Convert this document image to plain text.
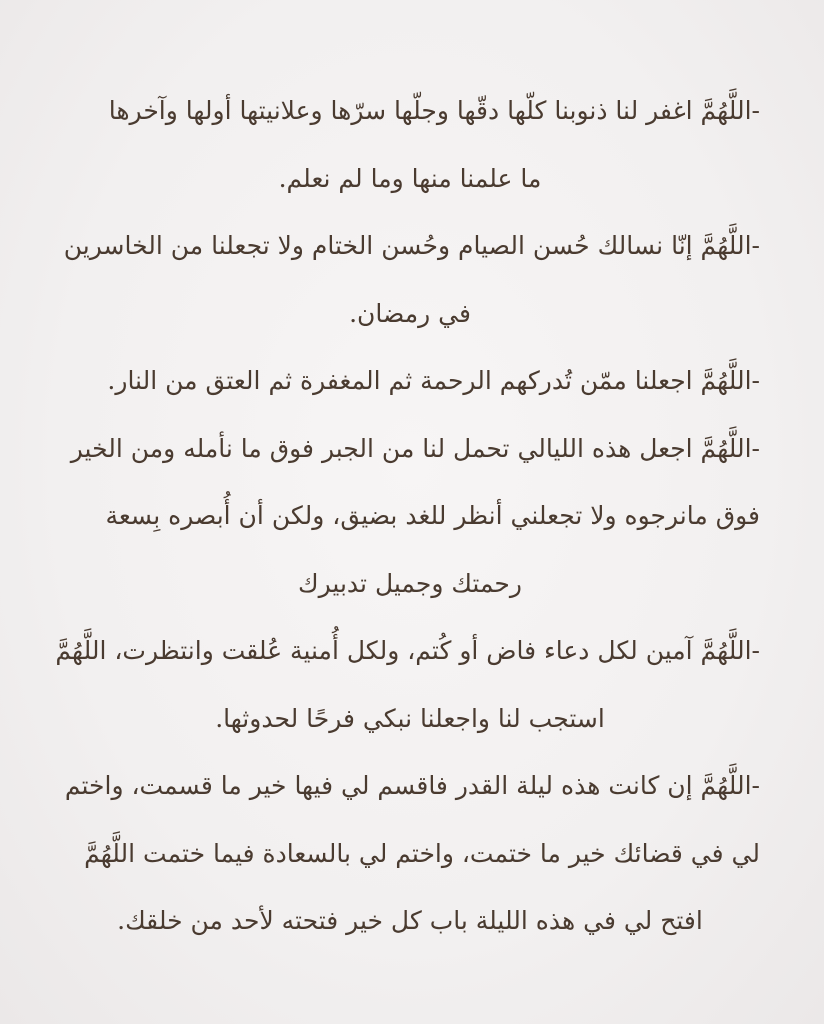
-اللَّهُمَّ اغفر لنا ذنوبنا كلّها دقّها وجلّها سرّها وعلانيتها أولها وآخرها
ما علمنا منها وما لم نعلم.
-اللَّهُمَّ إنّا نسالك حُسن الصيام وحُسن الختام ولا تجعلنا من الخاسرين
في رمضان.
-اللَّهُمَّ اجعلنا ممّن تُدركهم الرحمة ثم المغفرة ثم العتق من النار.
-اللَّهُمَّ اجعل هذه الليالي تحمل لنا من الجبر فوق ما نأمله ومن الخير
فوق مانرجوه ولا تجعلني أنظر للغد بضيق، ولكن أن أُبصره بِسعة
رحمتك وجميل تدبيرك
-اللَّهُمَّ آمين لكل دعاء فاض أو كُتم، ولكل أُمنية عُلقت وانتظرت، اللَّهُمَّ
استجب لنا واجعلنا نبكي فرحًا لحدوثها.
-اللَّهُمَّ إن كانت هذه ليلة القدر فاقسم لي فيها خير ما قسمت، واختم
لي في قضائك خير ما ختمت، واختم لي بالسعادة فيما ختمت اللَّهُمَّ
افتح لي في هذه الليلة باب كل خير فتحته لأحد من خلقك.
